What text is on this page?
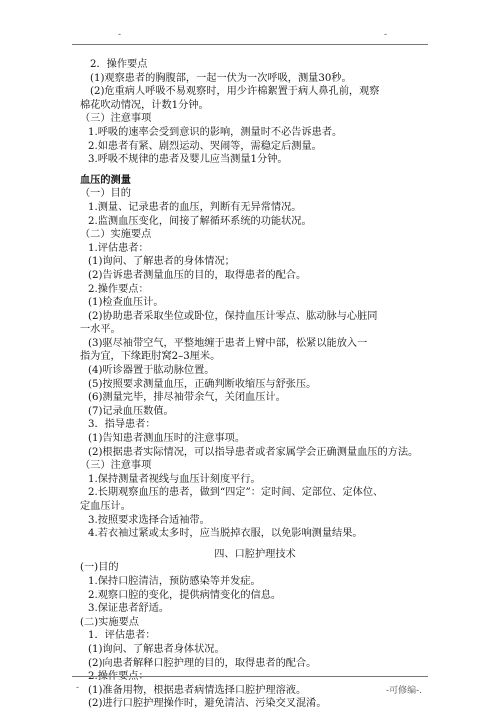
-	-
2．操作要点
(1)观察患者的胸腹部，一起一伏为一次呼吸，测量30秒。
(2)危重病人呼吸不易观察时，用少许棉絮置于病人鼻孔前，观察
棉花吹动情况，计数1分钟。
（三）注意事项
1.呼吸的速率会受到意识的影响，测量时不必告诉患者。
2.如患者有紧、剧烈运动、哭闹等，需稳定后测量。
3.呼吸不规律的患者及婴儿应当测量1分钟。
血压的测量
（一）目的
1.测量、记录患者的血压，判断有无异常情况。
2.监测血压变化，间接了解循环系统的功能状况。
（二）实施要点
1.评估患者：
(1)询问、了解患者的身体情况；
(2)告诉患者测量血压的目的，取得患者的配合。
2.操作要点：
(1)检查血压计。
(2)协助患者采取坐位或卧位，保持血压计零点、肱动脉与心脏同
一水平。
(3)驱尽袖带空气，平整地缠于患者上臂中部，松紧以能放入一
指为宜，下缘距肘窝2–3厘米。
(4)听诊器置于肱动脉位置。
(5)按照要求测量血压，正确判断收缩压与舒张压。
(6)测量完毕，排尽袖带余气，关闭血压计。
(7)记录血压数值。
3．指导患者：
(1)告知患者测血压时的注意事项。
(2)根据患者实际情况，可以指导患者或者家属学会正确测量血压的方法。
（三）注意事项
1.保持测量者视线与血压计刻度平行。
2.长期观察血压的患者，做到“四定”：定时间、定部位、定体位、
定血压计。
3.按照要求选择合适袖带。
4.若衣袖过紧或太多时，应当脱掉衣服，以免影响测量结果。
四、口腔护理技术
(一)目的
1.保持口腔清洁，预防感染等并发症。
2.观察口腔的变化，提供病情变化的信息。
3.保证患者舒适。
(二)实施要点
1．评估患者：
(1)询问、了解患者身体状况。
(2)向患者解释口腔护理的目的，取得患者的配合。
2.操作要点：
(1)准备用物，根据患者病情选择口腔护理溶液。
(2)进行口腔护理操作时，避免清洁、污染交叉混淆。
-	-可修编-.
